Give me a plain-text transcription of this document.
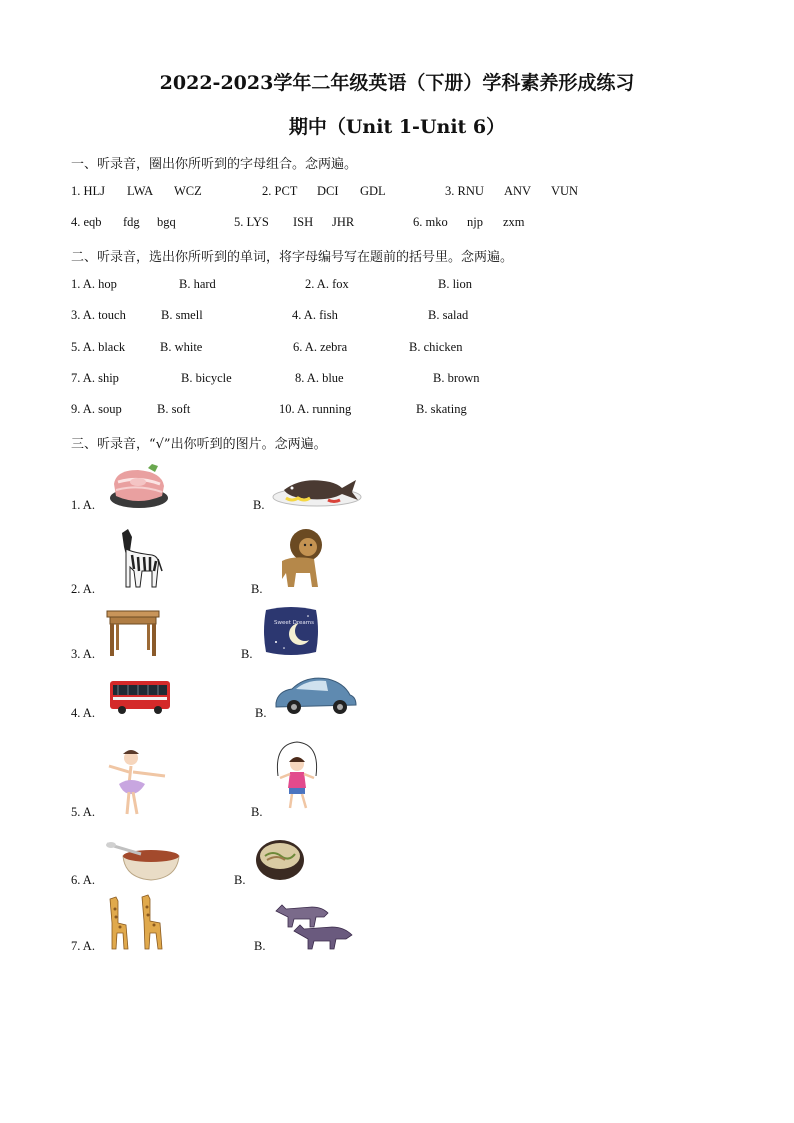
2022-2023学年二年级英语（下册）学科素养形成练习
期中（Unit 1-Unit 6）
一、听录音，圈出你所听到的字母组合。念两遍。
1. HLJ LWA WCZ	2. PCT DCI GDL	3. RNU ANV VUN
4. eqb fdg bgq	5. LYS ISH JHR	6. mko njp zxm
二、听录音，选出你所听到的单词，将字母编号写在题前的括号里。念两遍。
1. A. hop	B. hard	2. A. fox	B. lion
3. A. touch	B. smell	4. A. fish	B. salad
5. A. black	B. white	6. A. zebra	B. chicken
7. A. ship	B. bicycle	8. A. blue	B. brown
9. A. soup	B. soft	10. A. running	B. skating
三、听录音，“√”出你听到的图片。念两遍。
1. A.	B.
2. A.	B.
3. A.	B.
Sweet Dreams
4. A.	B.
5. A.	B.
6. A.	B.
7. A.	B.
